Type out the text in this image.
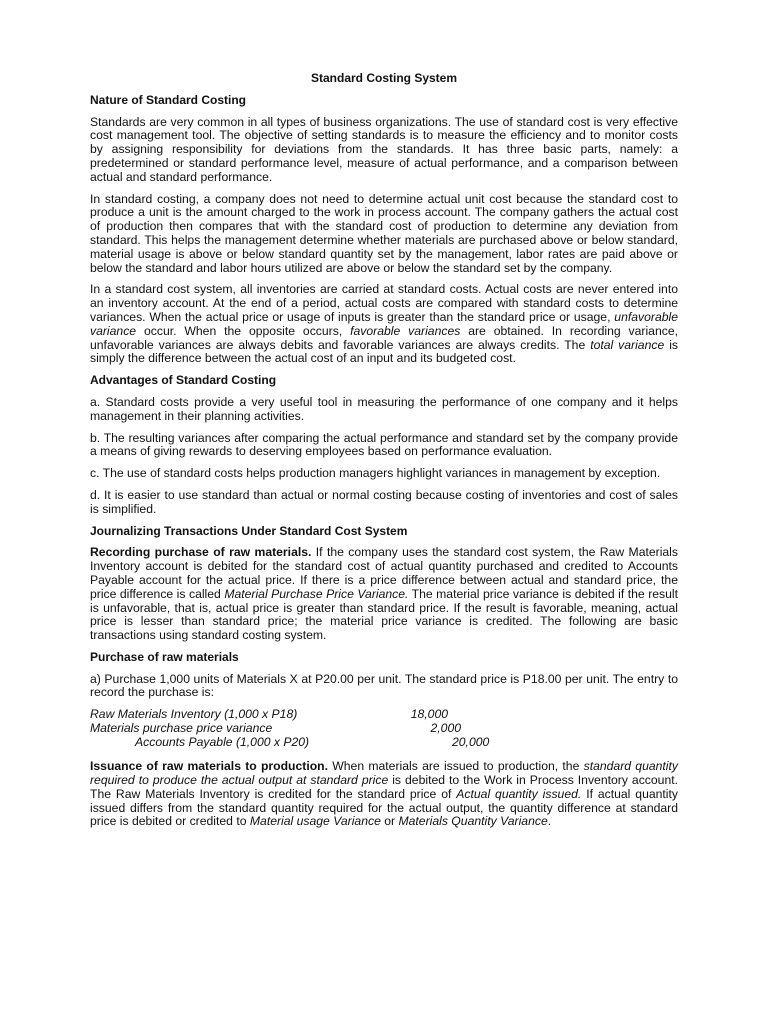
Standard Costing System
Nature of Standard Costing

Standards are very common in all types of business organizations. The use of standard cost is very effective cost management tool. The objective of setting standards is to measure the efficiency and to monitor costs by assigning responsibility for deviations from the standards. It has three basic parts, namely: a predetermined or standard performance level, measure of actual performance, and a comparison between actual and standard performance.

In standard costing, a company does not need to determine actual unit cost because the standard cost to produce a unit is the amount charged to the work in process account. The company gathers the actual cost of production then compares that with the standard cost of production to determine any deviation from standard. This helps the management determine whether materials are purchased above or below standard, material usage is above or below standard quantity set by the management, labor rates are paid above or below the standard and labor hours utilized are above or below the standard set by the company.

In a standard cost system, all inventories are carried at standard costs. Actual costs are never entered into an inventory account. At the end of a period, actual costs are compared with standard costs to determine variances. When the actual price or usage of inputs is greater than the standard price or usage, unfavorable variance occur. When the opposite occurs, favorable variances are obtained. In recording variance, unfavorable variances are always debits and favorable variances are always credits. The total variance is simply the difference between the actual cost of an input and its budgeted cost.

Advantages of Standard Costing

a. Standard costs provide a very useful tool in measuring the performance of one company and it helps management in their planning activities.

b. The resulting variances after comparing the actual performance and standard set by the company provide a means of giving rewards to deserving employees based on performance evaluation.

c. The use of standard costs helps production managers highlight variances in management by exception.

d. It is easier to use standard than actual or normal costing because costing of inventories and cost of sales is simplified.

Journalizing Transactions Under Standard Cost System

Recording purchase of raw materials. If the company uses the standard cost system, the Raw Materials Inventory account is debited for the standard cost of actual quantity purchased and credited to Accounts Payable account for the actual price. If there is a price difference between actual and standard price, the price difference is called Material Purchase Price Variance. The material price variance is debited if the result is unfavorable, that is, actual price is greater than standard price. If the result is favorable, meaning, actual price is lesser than standard price; the material price variance is credited. The following are basic transactions using standard costing system.

Purchase of raw materials

a) Purchase 1,000 units of Materials X at P20.00 per unit. The standard price is P18.00 per unit. The entry to record the purchase is:

Raw Materials Inventory (1,000 x P18)	18,000
Materials purchase price variance	2,000
Accounts Payable (1,000 x P20)	20,000

Issuance of raw materials to production. When materials are issued to production, the standard quantity required to produce the actual output at standard price is debited to the Work in Process Inventory account. The Raw Materials Inventory is credited for the standard price of Actual quantity issued. If actual quantity issued differs from the standard quantity required for the actual output, the quantity difference at standard price is debited or credited to Material usage Variance or Materials Quantity Variance.
